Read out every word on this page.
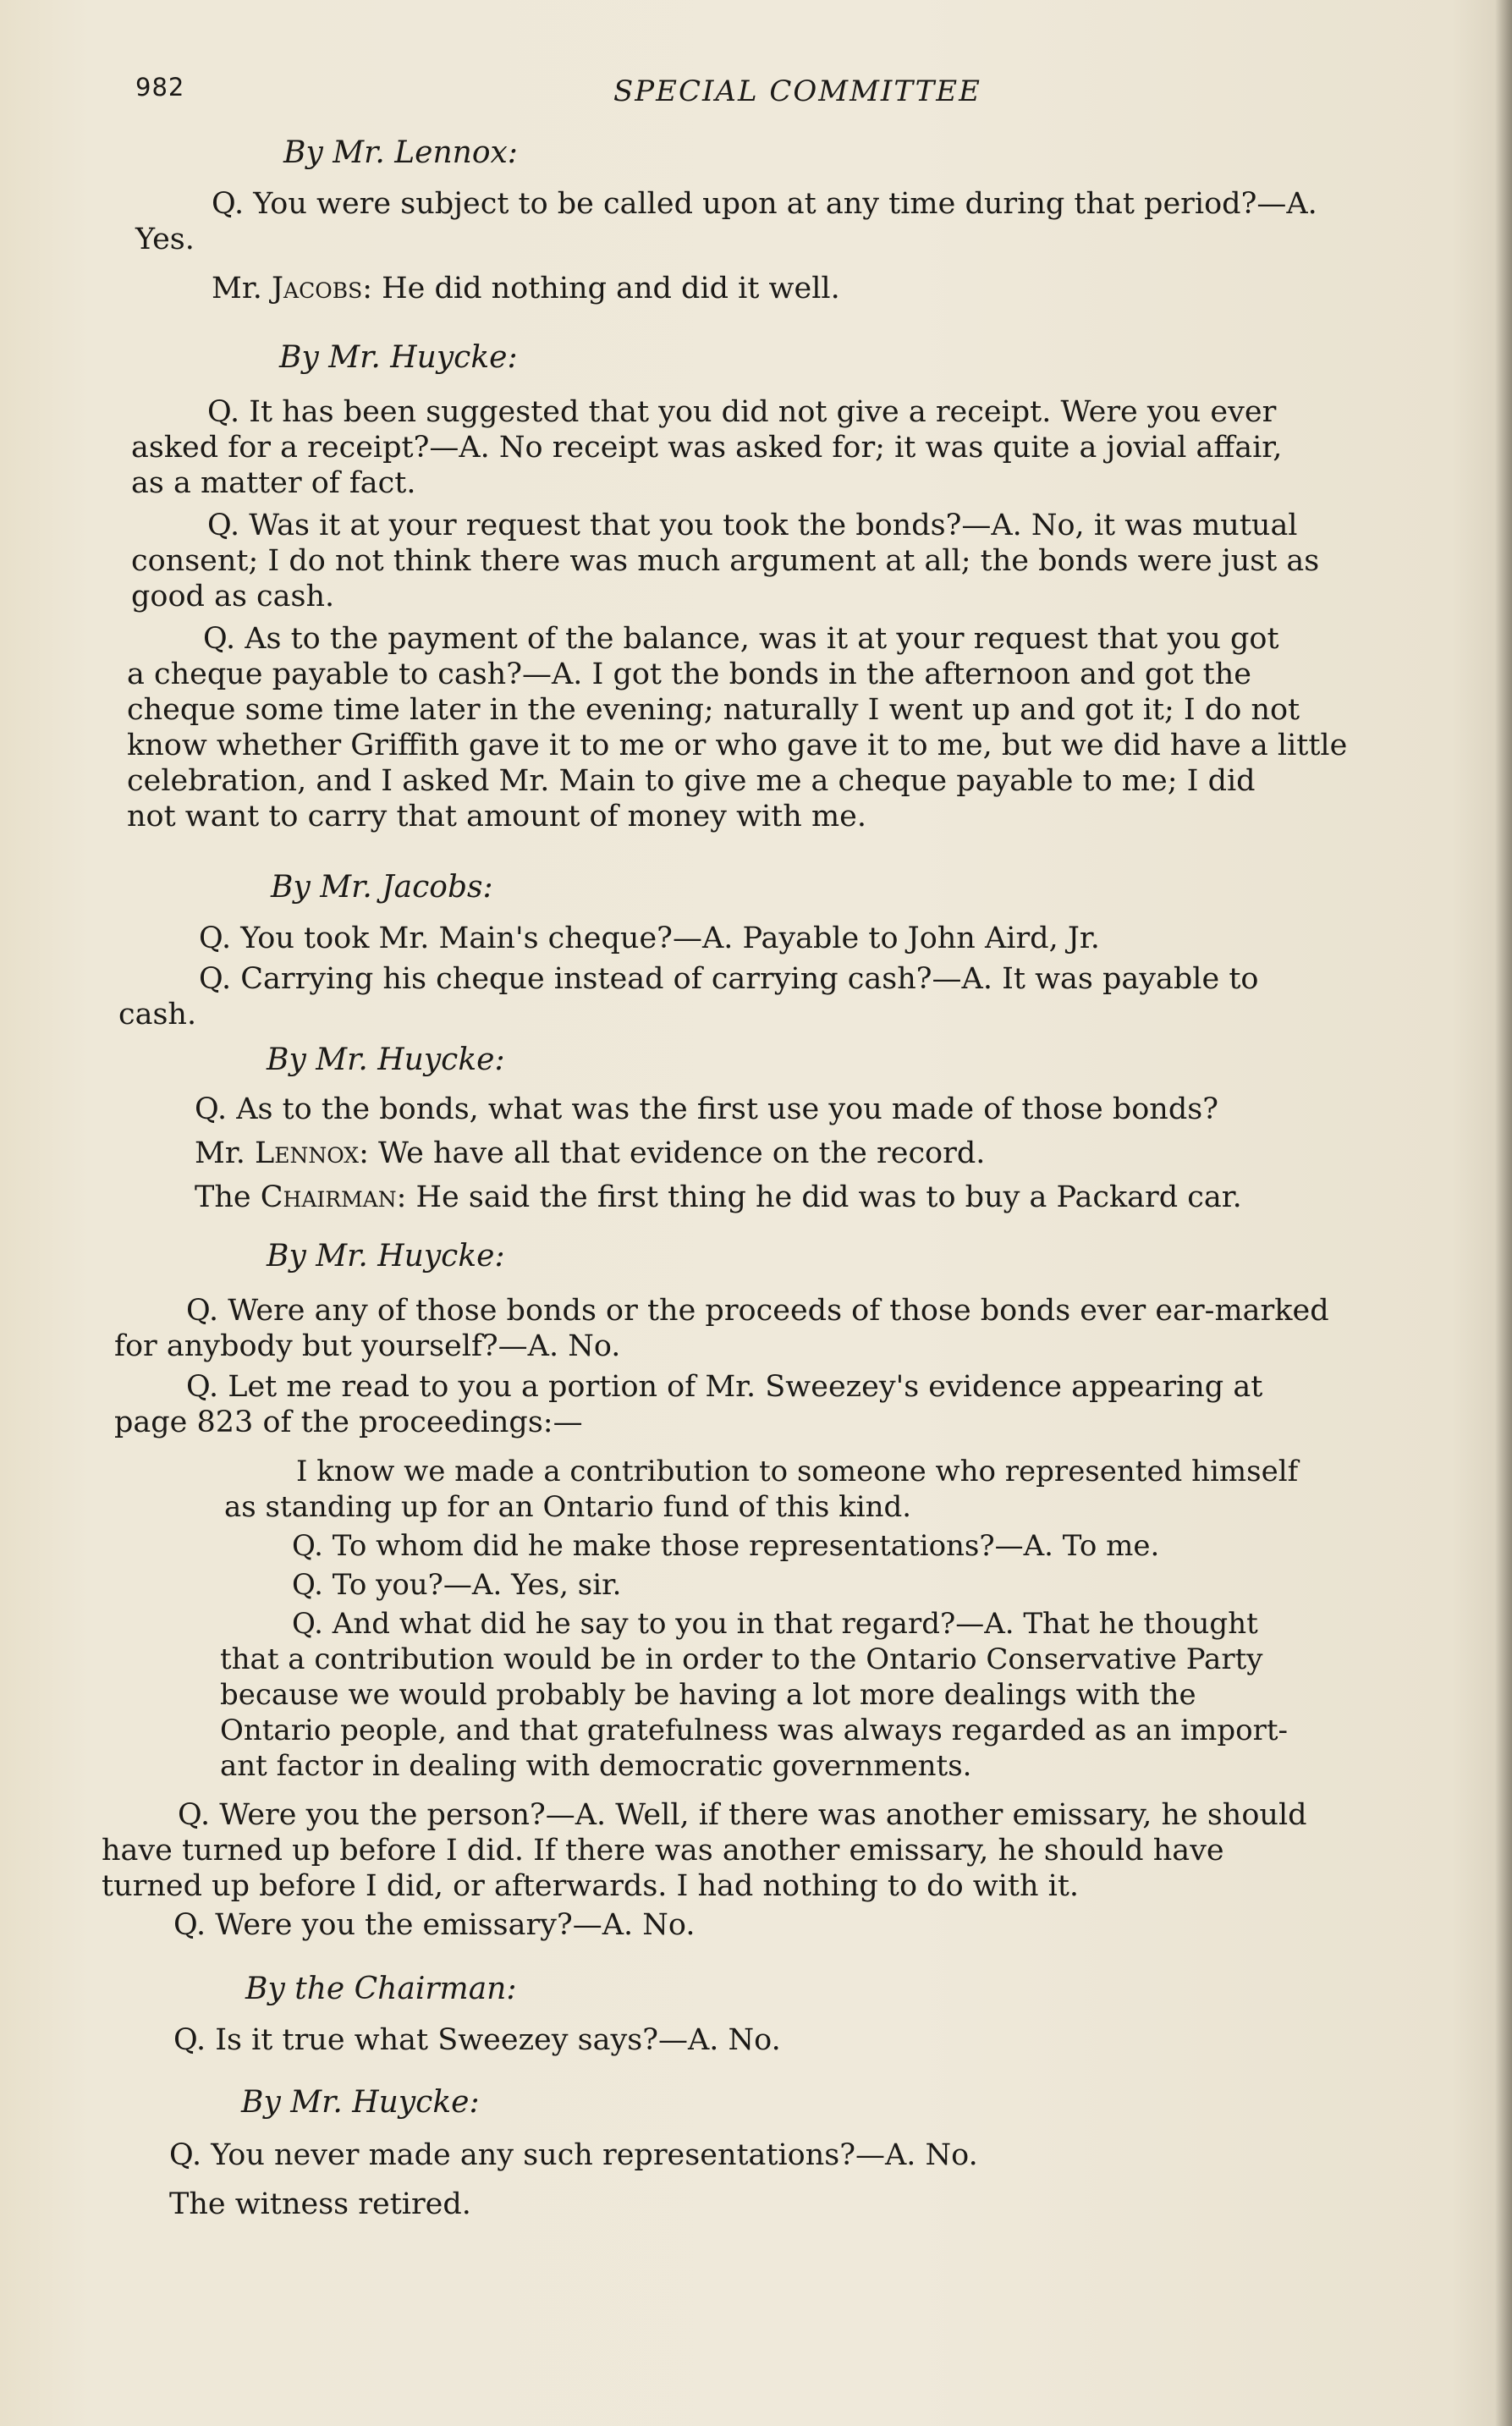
982	SPECIAL COMMITTEE
By Mr. Lennox:
Q. You were subject to be called upon at any time during that period?—A.
Yes.
Mr. Jacobs: He did nothing and did it well.
By Mr. Huycke:
Q. It has been suggested that you did not give a receipt. Were you ever
asked for a receipt?—A. No receipt was asked for; it was quite a jovial affair,
as a matter of fact.
Q. Was it at your request that you took the bonds?—A. No, it was mutual
consent; I do not think there was much argument at all; the bonds were just as
good as cash.
Q. As to the payment of the balance, was it at your request that you got
a cheque payable to cash?—A. I got the bonds in the afternoon and got the
cheque some time later in the evening; naturally I went up and got it; I do not
know whether Griffith gave it to me or who gave it to me, but we did have a little
celebration, and I asked Mr. Main to give me a cheque payable to me; I did
not want to carry that amount of money with me.
By Mr. Jacobs:
Q. You took Mr. Main's cheque?—A. Payable to John Aird, Jr.
Q. Carrying his cheque instead of carrying cash?—A. It was payable to
cash.
By Mr. Huycke:
Q. As to the bonds, what was the first use you made of those bonds?
Mr. Lennox: We have all that evidence on the record.
The Chairman: He said the first thing he did was to buy a Packard car.
By Mr. Huycke:
Q. Were any of those bonds or the proceeds of those bonds ever ear-marked
for anybody but yourself?—A. No.
Q. Let me read to you a portion of Mr. Sweezey's evidence appearing at
page 823 of the proceedings:—
I know we made a contribution to someone who represented himself
as standing up for an Ontario fund of this kind.
Q. To whom did he make those representations?—A. To me.
Q. To you?—A. Yes, sir.
Q. And what did he say to you in that regard?—A. That he thought
that a contribution would be in order to the Ontario Conservative Party
because we would probably be having a lot more dealings with the
Ontario people, and that gratefulness was always regarded as an import-
ant factor in dealing with democratic governments.
Q. Were you the person?—A. Well, if there was another emissary, he should
have turned up before I did. If there was another emissary, he should have
turned up before I did, or afterwards. I had nothing to do with it.
Q. Were you the emissary?—A. No.
By the Chairman:
Q. Is it true what Sweezey says?—A. No.
By Mr. Huycke:
Q. You never made any such representations?—A. No.
The witness retired.
